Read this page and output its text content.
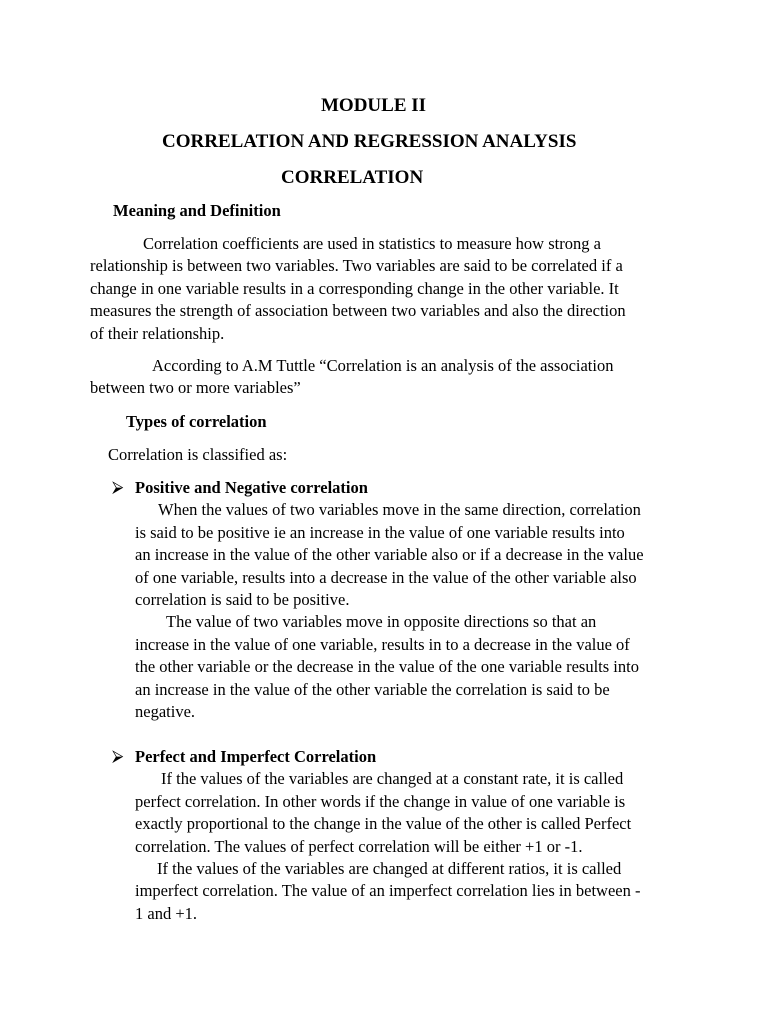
MODULE II
CORRELATION AND REGRESSION ANALYSIS
CORRELATION
Meaning and Definition
Correlation coefficients are used in statistics to measure how strong a
relationship is between two variables. Two variables are said to be correlated if a
change in one variable results in a corresponding change in the other variable. It
measures the strength of association between two variables and also the direction
of their relationship.
According to A.M Tuttle “Correlation is an analysis of the association
between two or more variables”
Types of correlation
Correlation is classified as:
⮚ Positive and Negative correlation
When the values of two variables move in the same direction, correlation
is said to be positive ie an increase in the value of one variable results into
an increase in the value of the other variable also or if a decrease in the value
of one variable, results into a decrease in the value of the other variable also
correlation is said to be positive.
The value of two variables move in opposite directions so that an
increase in the value of one variable, results in to a decrease in the value of
the other variable or the decrease in the value of the one variable results into
an increase in the value of the other variable the correlation is said to be
negative.
⮚ Perfect and Imperfect Correlation
If the values of the variables are changed at a constant rate, it is called
perfect correlation. In other words if the change in value of one variable is
exactly proportional to the change in the value of the other is called Perfect
correlation. The values of perfect correlation will be either +1 or -1.
If the values of the variables are changed at different ratios, it is called
imperfect correlation. The value of an imperfect correlation lies in between -
1 and +1.
